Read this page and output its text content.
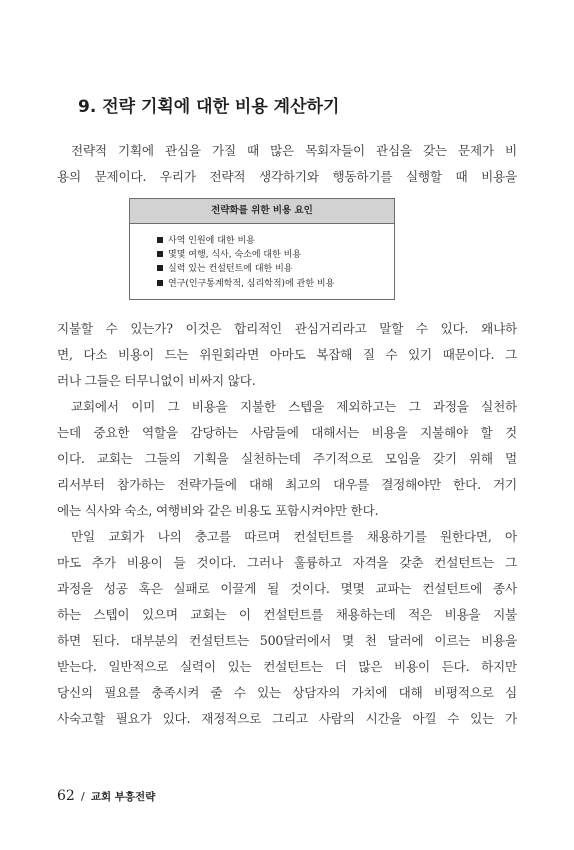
9. 전략 기획에 대한 비용 계산하기

전략적 기획에 관심을 가질 때 많은 목회자들이 관심을 갖는 문제가 비
용의 문제이다. 우리가 전략적 생각하기와 행동하기를 실행할 때 비용을

전략화를 위한 비용 요인
사역 인원에 대한 비용
몇몇 여행, 식사, 숙소에 대한 비용
실력 있는 컨설턴트에 대한 비용
연구(인구통계학적, 심리학적)에 관한 비용

지불할 수 있는가? 이것은 합리적인 관심거리라고 말할 수 있다. 왜냐하
면, 다소 비용이 드는 위원회라면 아마도 복잡해 질 수 있기 때문이다. 그
러나 그들은 터무니없이 비싸지 않다.
교회에서 이미 그 비용을 지불한 스텝을 제외하고는 그 과정을 실천하
는데 중요한 역할을 감당하는 사람들에 대해서는 비용을 지불해야 할 것
이다. 교회는 그들의 기획을 실천하는데 주기적으로 모임을 갖기 위해 멀
리서부터 참가하는 전략가들에 대해 최고의 대우를 결정해야만 한다. 거기
에는 식사와 숙소, 여행비와 같은 비용도 포함시켜야만 한다.
만일 교회가 나의 충고를 따르며 컨설턴트를 채용하기를 원한다면, 아
마도 추가 비용이 들 것이다. 그러나 훌륭하고 자격을 갖춘 컨설턴트는 그
과정을 성공 혹은 실패로 이끌게 될 것이다. 몇몇 교파는 컨설턴트에 종사
하는 스텝이 있으며 교회는 이 컨설턴트를 채용하는데 적은 비용을 지불
하면 된다. 대부분의 컨설턴트는 500달러에서 몇 천 달러에 이르는 비용을
받는다. 일반적으로 실력이 있는 컨설턴트는 더 많은 비용이 든다. 하지만
당신의 필요를 충족시켜 줄 수 있는 상담자의 가치에 대해 비평적으로 심
사숙고할 필요가 있다. 재정적으로 그리고 사람의 시간을 아낄 수 있는 가

62 / 교회 부흥전략
